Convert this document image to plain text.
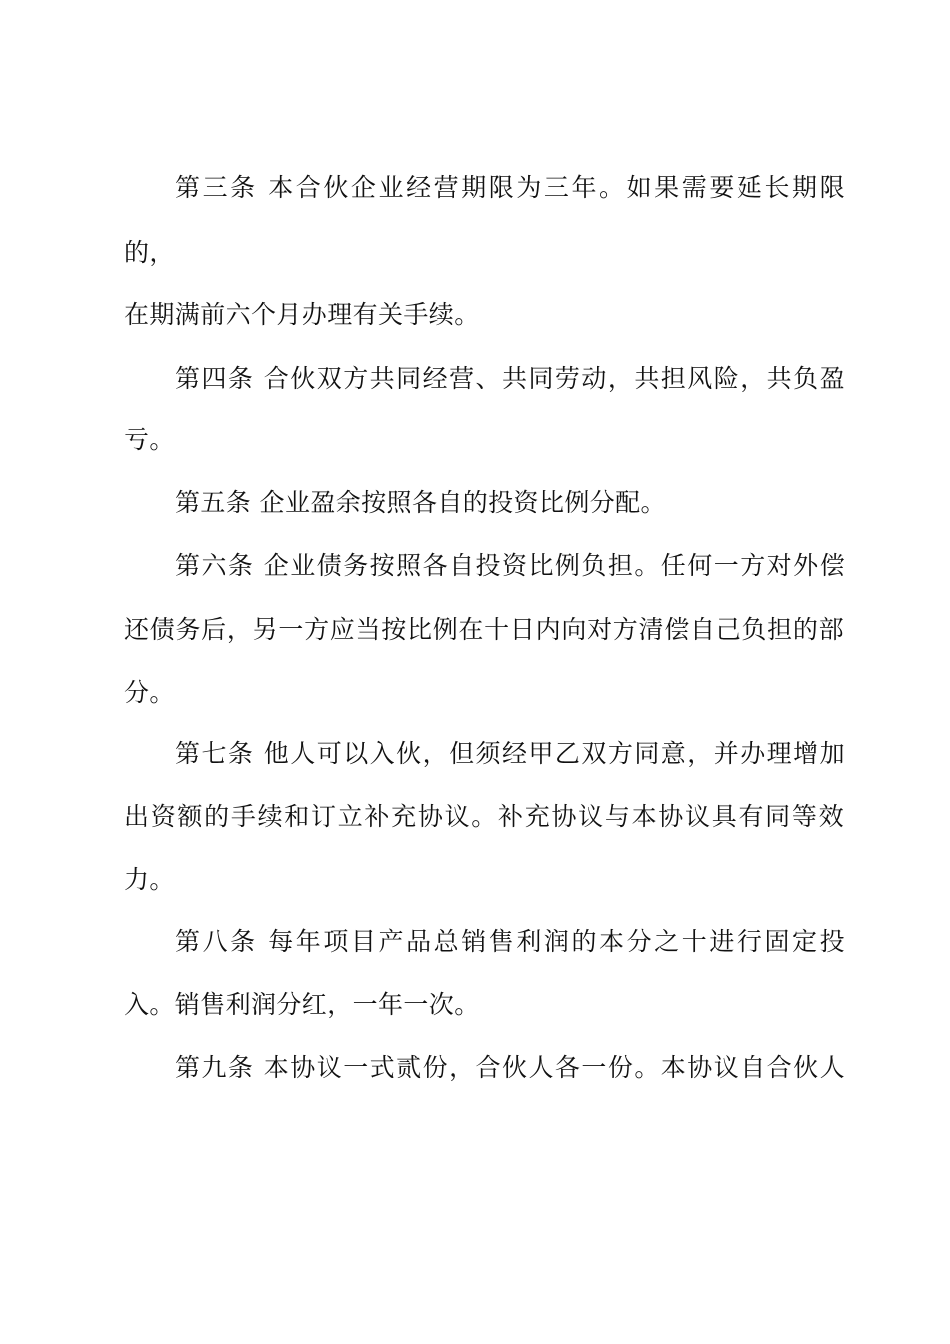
第三条 本合伙企业经营期限为三年。如果需要延长期限
的，
在期满前六个月办理有关手续。
第四条 合伙双方共同经营、共同劳动，共担风险，共负盈
亏。
第五条 企业盈余按照各自的投资比例分配。
第六条 企业债务按照各自投资比例负担。任何一方对外偿
还债务后，另一方应当按比例在十日内向对方清偿自己负担的部
分。
第七条 他人可以入伙，但须经甲乙双方同意，并办理增加
出资额的手续和订立补充协议。补充协议与本协议具有同等效
力。
第八条 每年项目产品总销售利润的本分之十进行固定投
入。销售利润分红，一年一次。
第九条 本协议一式贰份，合伙人各一份。本协议自合伙人
